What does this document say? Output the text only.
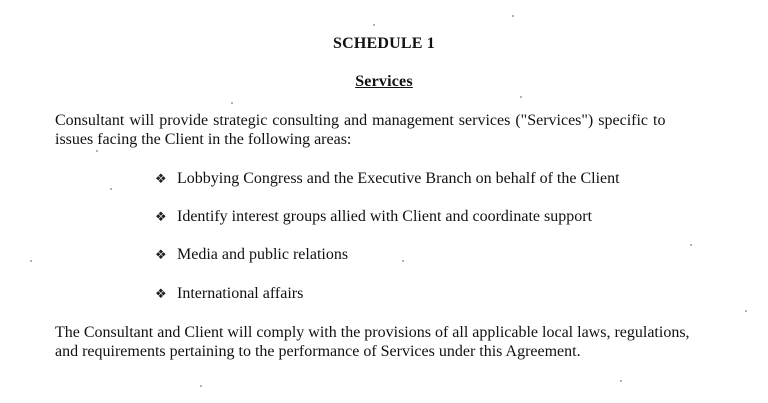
SCHEDULE 1
Services
Consultant will provide strategic consulting and management services ("Services") specific to
issues facing the Client in the following areas:
❖ Lobbying Congress and the Executive Branch on behalf of the Client
❖ Identify interest groups allied with Client and coordinate support
❖ Media and public relations
❖ International affairs
The Consultant and Client will comply with the provisions of all applicable local laws, regulations,
and requirements pertaining to the performance of Services under this Agreement.
